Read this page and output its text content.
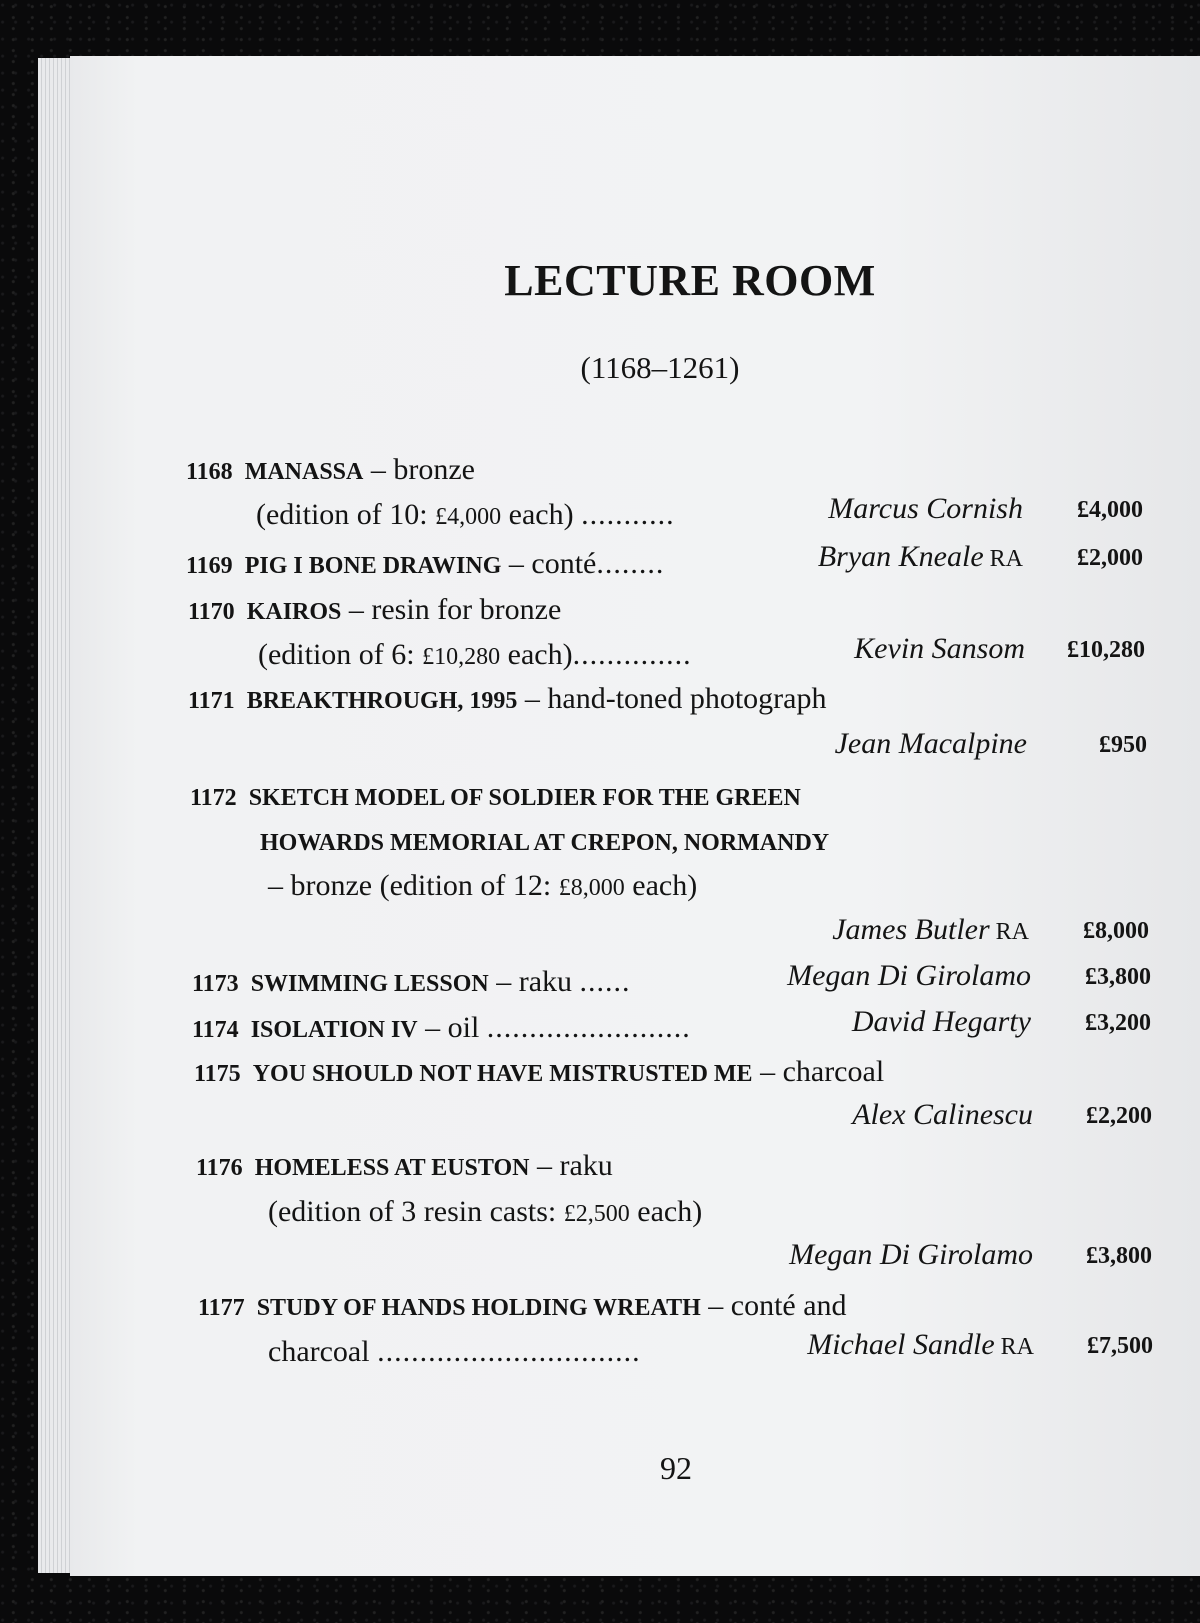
LECTURE ROOM
(1168–1261)
1168 MANASSA – bronze
(edition of 10: £4,000 each) ...........	Marcus Cornish	£4,000
1169 PIG I BONE DRAWING – conté........	Bryan Kneale RA	£2,000
1170 KAIROS – resin for bronze
(edition of 6: £10,280 each)..............	Kevin Sansom	£10,280
1171 BREAKTHROUGH, 1995 – hand-toned photograph
Jean Macalpine	£950
1172 SKETCH MODEL OF SOLDIER FOR THE GREEN
HOWARDS MEMORIAL AT CREPON, NORMANDY
– bronze (edition of 12: £8,000 each)
James Butler RA	£8,000
1173 SWIMMING LESSON – raku ......	Megan Di Girolamo	£3,800
1174 ISOLATION IV – oil ........................	David Hegarty	£3,200
1175 YOU SHOULD NOT HAVE MISTRUSTED ME – charcoal
Alex Calinescu	£2,200
1176 HOMELESS AT EUSTON – raku
(edition of 3 resin casts: £2,500 each)
Megan Di Girolamo	£3,800
1177 STUDY OF HANDS HOLDING WREATH – conté and
charcoal ...............................	Michael Sandle RA	£7,500
92
